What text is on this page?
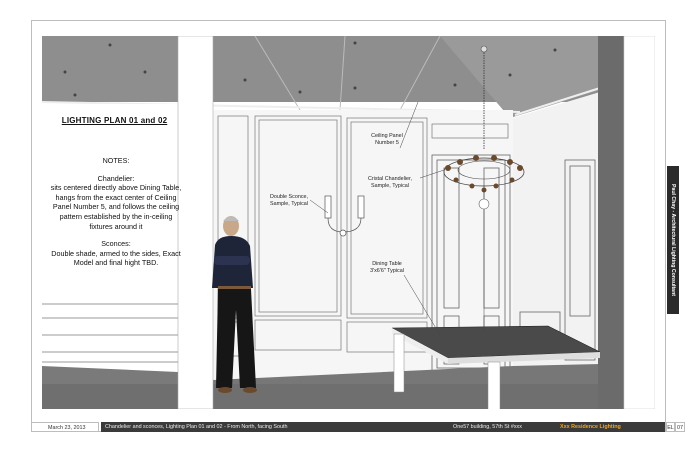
LIGHTING PLAN 01 and 02

NOTES:

Chandelier:

sits centered directly above Dining Table, hangs from the exact center of Ceiling Panel Number 5, and follows the ceiling pattern established by the in-ceiling fixtures around it

Sconces:

Double shade, armed to the sides, Exact Model and final hight TBD.

Ceiling Panel
Number 5
Cristal Chandelier,
Sample, Typical
Double Sconce,
Sample, Typical
Dining Table
3'x6'6" Typical	Paul Chay - Architectural Lighting Consultant
March 23, 2013	Chandelier and sconces, Lighting Plan 01 and 02 - From North, facing South	One57 building, 57th St #xxx	Xxx Residence Lighting	EL 07
